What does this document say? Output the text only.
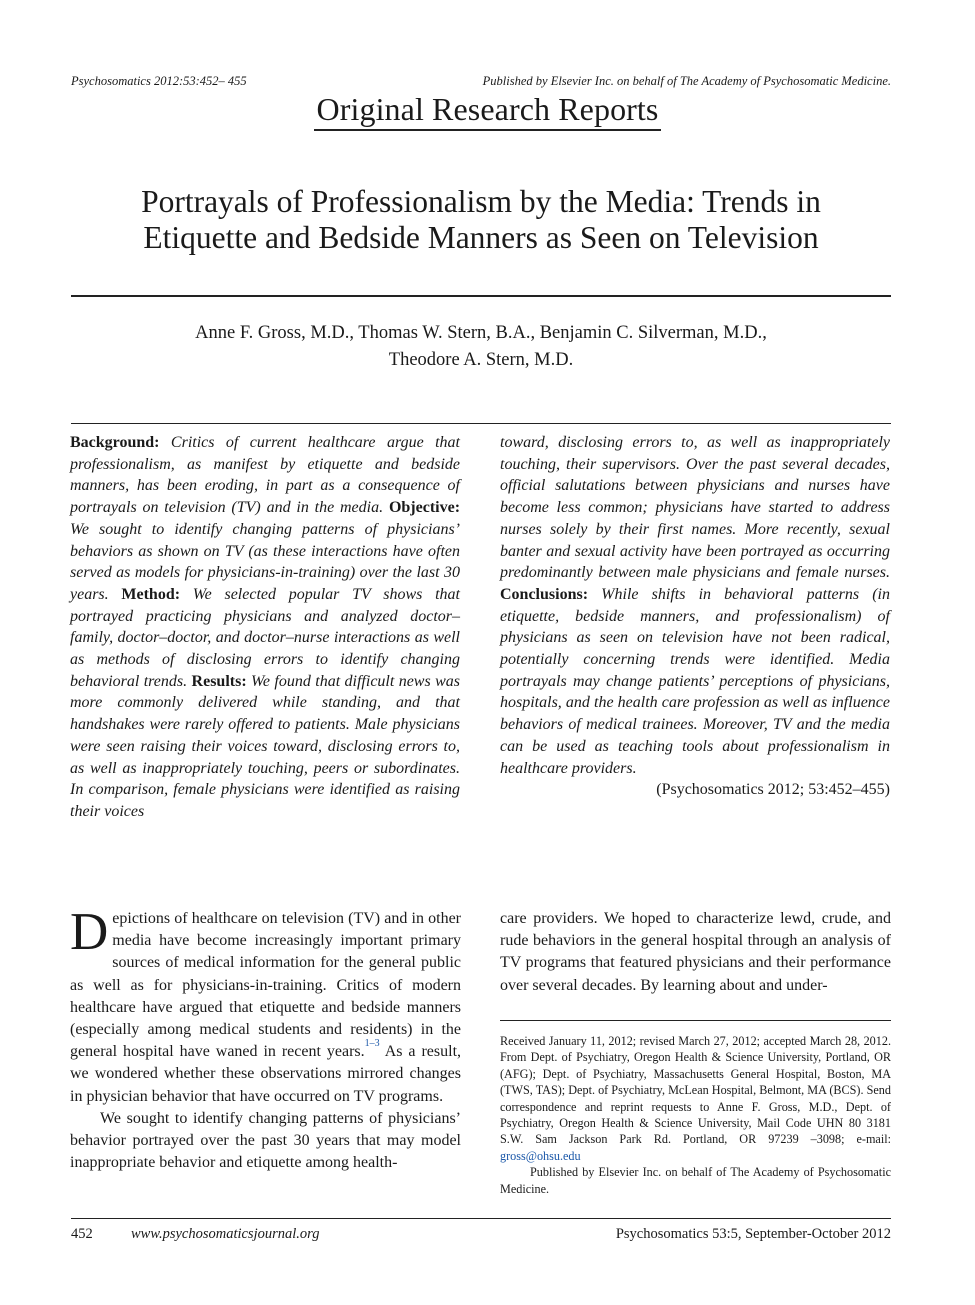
Psychosomatics 2012:53:452– 455	Published by Elsevier Inc. on behalf of The Academy of Psychosomatic Medicine.
Original Research Reports
Portrayals of Professionalism by the Media: Trends in
Etiquette and Bedside Manners as Seen on Television
Anne F. Gross, M.D., Thomas W. Stern, B.A., Benjamin C. Silverman, M.D.,
Theodore A. Stern, M.D.
Background: Critics of current healthcare argue that professionalism, as manifest by etiquette and bedside manners, has been eroding, in part as a consequence of portrayals on television (TV) and in the media. Objective: We sought to identify changing patterns of physicians’ behaviors as shown on TV (as these interactions have often served as models for physicians-in-training) over the last 30 years. Method: We selected popular TV shows that portrayed practicing physicians and analyzed doctor–family, doctor–doctor, and doctor–nurse interactions as well as methods of disclosing errors to identify changing behavioral trends. Results: We found that difficult news was more commonly delivered while standing, and that handshakes were rarely offered to patients. Male physicians were seen raising their voices toward, disclosing errors to, as well as inappropriately touching, peers or subordinates. In comparison, female physicians were identified as raising their voices
toward, disclosing errors to, as well as inappropriately touching, their supervisors. Over the past several decades, official salutations between physicians and nurses have become less common; physicians have started to address nurses solely by their first names. More recently, sexual banter and sexual activity have been portrayed as occurring predominantly between male physicians and female nurses. Conclusions: While shifts in behavioral patterns (in etiquette, bedside manners, and professionalism) of physicians as seen on television have not been radical, potentially concerning trends were identified. Media portrayals may change patients’ perceptions of physicians, hospitals, and the health care profession as well as influence behaviors of medical trainees. Moreover, TV and the media can be used as teaching tools about professionalism in healthcare providers.
(Psychosomatics 2012; 53:452–455)

Depictions of healthcare on television (TV) and in other media have become increasingly important primary sources of medical information for the general public as well as for physicians-in-training. Critics of modern healthcare have argued that etiquette and bedside manners (especially among medical students and residents) in the general hospital have waned in recent years.$^{1-3}$ As a result, we wondered whether these observations mirrored changes in physician behavior that have occurred on TV programs.

We sought to identify changing patterns of physicians’ behavior portrayed over the past 30 years that may model inappropriate behavior and etiquette among health-

care providers. We hoped to characterize lewd, crude, and rude behaviors in the general hospital through an analysis of TV programs that featured physicians and their performance over several decades. By learning about and under-

Received January 11, 2012; revised March 27, 2012; accepted March 28, 2012. From Dept. of Psychiatry, Oregon Health & Science University, Portland, OR (AFG); Dept. of Psychiatry, Massachusetts General Hospital, Boston, MA (TWS, TAS); Dept. of Psychiatry, McLean Hospital, Belmont, MA (BCS). Send correspondence and reprint requests to Anne F. Gross, M.D., Dept. of Psychiatry, Oregon Health & Science University, Mail Code UHN 80 3181 S.W. Sam Jackson Park Rd. Portland, OR 97239 –3098; e-mail: gross@ohsu.edu

Published by Elsevier Inc. on behalf of The Academy of Psychosomatic Medicine.

452	www.psychosomaticsjournal.org	Psychosomatics 53:5, September-October 2012
